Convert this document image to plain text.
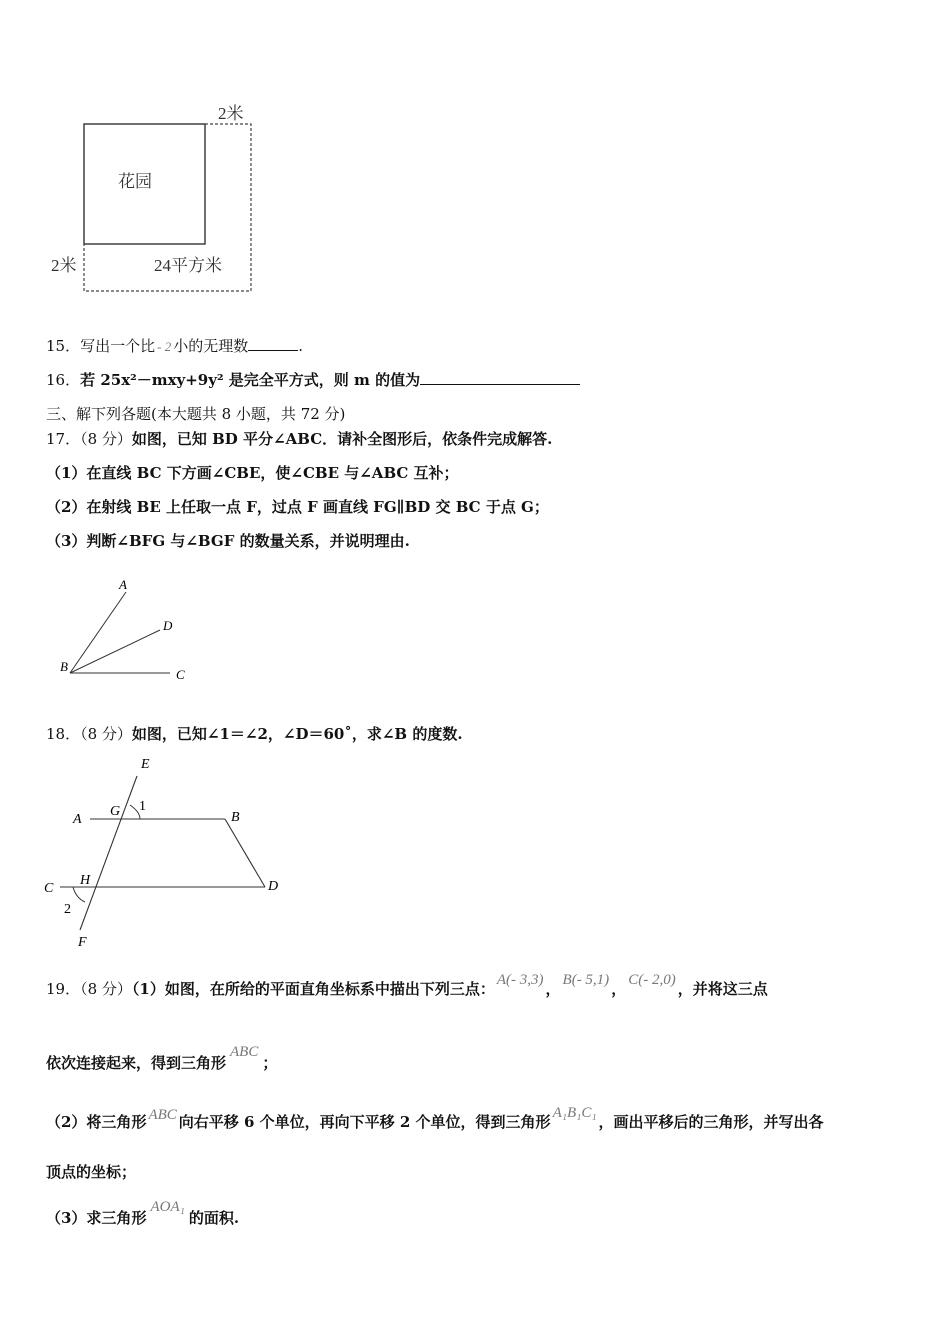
花园
2米
2米	24平方米
15．写出一个比 - 2 小的无理数	.
16．若 25x²－mxy+9y² 是完全平方式，则 m 的值为
三、解下列各题(本大题共 8 小题，共 72 分)
17．（8 分）如图，已知 BD 平分∠ABC．请补全图形后，依条件完成解答.
（1）在直线 BC 下方画∠CBE，使∠CBE 与∠ABC 互补；
（2）在射线 BE 上任取一点 F，过点 F 画直线 FG∥BD 交 BC 于点 G；
（3）判断∠BFG 与∠BGF 的数量关系，并说明理由.
A
D
B
C
18．（8 分）如图，已知∠1＝∠2，∠D＝60˚，求∠B 的度数.
E
A
G 1
B
C
H	D
2
F
19．（8 分）（1）如图，在所给的平面直角坐标系中描出下列三点： A(- 3,3) ， B(- 5,1) ， C(- 2,0) ，并将这三点
依次连接起来，得到三角形ABC；
（2）将三角形 ABC 向右平移 6 个单位，再向下平移 2 个单位，得到三角形 A₁B₁C₁ ，画出平移后的三角形，并写出各
顶点的坐标；
（3）求三角形AOA₁的面积.
